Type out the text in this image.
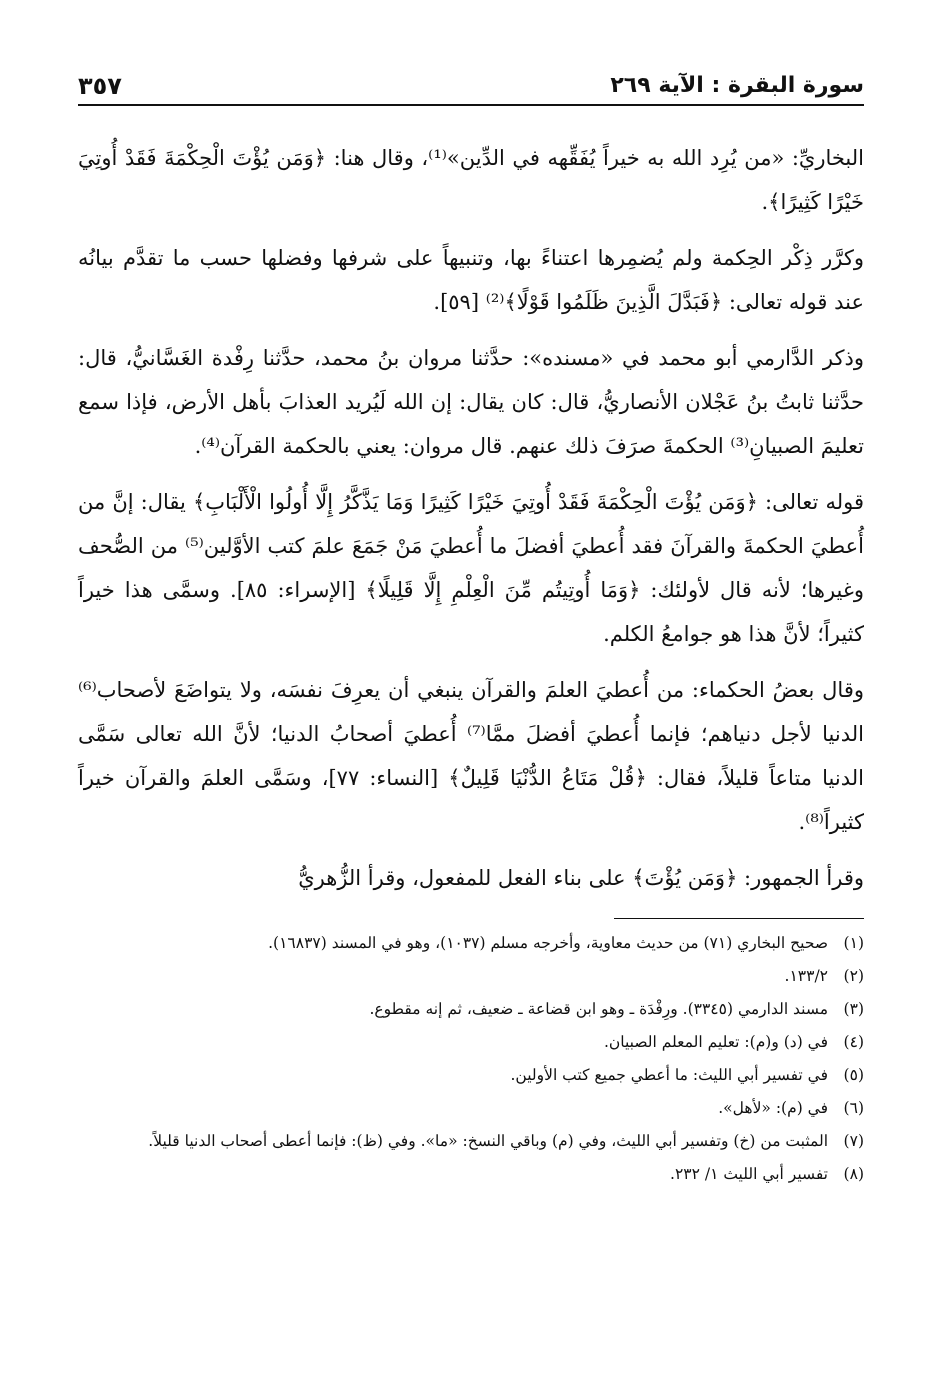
سورة البقرة : الآية ٢٦٩
٣٥٧

البخاريِّ: «من يُرِد الله به خيراً يُفَقِّهه في الدِّين»⁽¹⁾، وقال هنا: ﴿وَمَن يُؤْتَ الْحِكْمَةَ فَقَدْ أُوتِيَ خَيْرًا كَثِيرًا﴾.

وكرَّر ذِكْر الحِكمة ولم يُضمِرها اعتناءً بها، وتنبيهاً على شرفها وفضلها حسب ما تقدَّم بيانُه عند قوله تعالى: ﴿فَبَدَّلَ الَّذِينَ ظَلَمُوا قَوْلًا﴾⁽²⁾ [٥٩].

وذكر الدَّارمي أبو محمد في «مسنده»: حدَّثنا مروان بنُ محمد، حدَّثنا رِفْدة الغَسَّانيُّ، قال: حدَّثنا ثابتُ بنُ عَجْلان الأنصاريُّ، قال: كان يقال: إن الله لَيُريد العذابَ بأهل الأرض، فإذا سمع تعليمَ الصبيانِ⁽³⁾ الحكمةَ صرَفَ ذلك عنهم. قال مروان: يعني بالحكمة القرآن⁽⁴⁾.

قوله تعالى: ﴿وَمَن يُؤْتَ الْحِكْمَةَ فَقَدْ أُوتِيَ خَيْرًا كَثِيرًا وَمَا يَذَّكَّرُ إِلَّا أُولُوا الْأَلْبَابِ﴾ يقال: إنَّ من أُعطيَ الحكمةَ والقرآنَ فقد أُعطيَ أفضلَ ما أُعطيَ مَنْ جَمَعَ علمَ كتب الأوَّلين⁽⁵⁾ من الصُّحف وغيرها؛ لأنه قال لأولئك: ﴿وَمَا أُوتِيتُم مِّنَ الْعِلْمِ إِلَّا قَلِيلًا﴾ [الإسراء: ٨٥]. وسمَّى هذا خيراً كثيراً؛ لأنَّ هذا هو جوامعُ الكلم.

وقال بعضُ الحكماء: من أُعطيَ العلمَ والقرآن ينبغي أن يعرِفَ نفسَه، ولا يتواضَعَ لأصحاب⁽⁶⁾ الدنيا لأجل دنياهم؛ فإنما أُعطيَ أفضلَ ممَّا⁽⁷⁾ أُعطيَ أصحابُ الدنيا؛ لأنَّ الله تعالى سَمَّى الدنيا متاعاً قليلاً، فقال: ﴿قُلْ مَتَاعُ الدُّنْيَا قَلِيلٌ﴾ [النساء: ٧٧]، وسَمَّى العلمَ والقرآن خيراً كثيراً⁽⁸⁾.

وقرأ الجمهور: ﴿وَمَن يُؤْتَ﴾ على بناء الفعل للمفعول، وقرأ الزُّهريُّ

(١)
صحيح البخاري (٧١) من حديث معاوية، وأخرجه مسلم (١٠٣٧)، وهو في المسند (١٦٨٣٧).
(٢)
١٣٣/٢.
(٣)
مسند الدارمي (٣٣٤٥). ورِفْدَة ـ وهو ابن قضاعة ـ ضعيف، ثم إنه مقطوع.
(٤)
في (د) و(م): تعليم المعلم الصبيان.
(٥)
في تفسير أبي الليث: ما أعطي جميع كتب الأولين.
(٦)
في (م): «لأهل».
(٧)
المثبت من (خ) وتفسير أبي الليث، وفي (م) وباقي النسخ: «ما». وفي (ظ): فإنما أعطى أصحاب الدنيا قليلاً.
(٨)
تفسير أبي الليث ١/ ٢٣٢.
